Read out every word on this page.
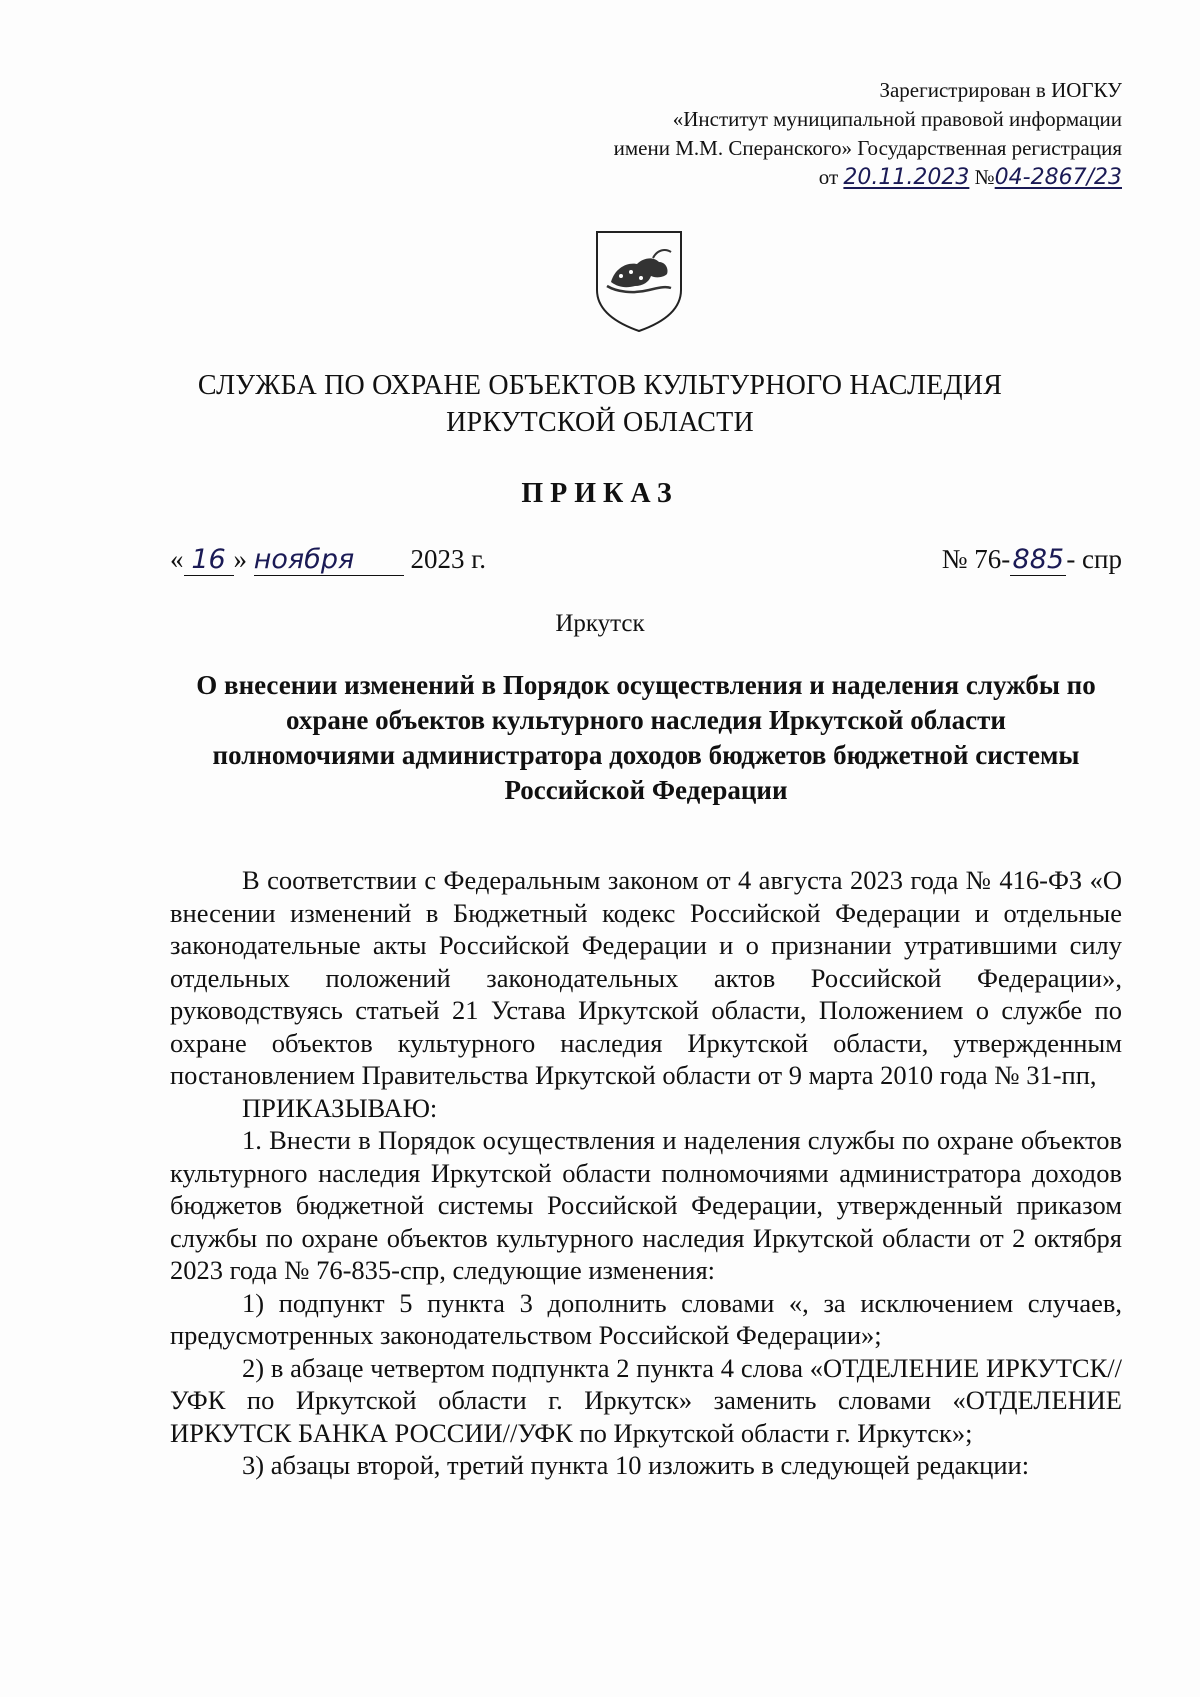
Зарегистрирован в ИОГКУ
«Институт муниципальной правовой информации
имени М.М. Сперанского» Государственная регистрация
от 20.11.2023 №04-2867/23
СЛУЖБА ПО ОХРАНЕ ОБЪЕКТОВ КУЛЬТУРНОГО НАСЛЕДИЯ
ИРКУТСКОЙ ОБЛАСТИ
ПРИКАЗ
« 16 » ноября 2023 г.	№ 76-885- спр
Иркутск
О внесении изменений в Порядок осуществления и наделения службы по
охране объектов культурного наследия Иркутской области
полномочиями администратора доходов бюджетов бюджетной системы
Российской Федерации

В соответствии с Федеральным законом от 4 августа 2023 года № 416-ФЗ «О внесении изменений в Бюджетный кодекс Российской Федерации и отдельные законодательные акты Российской Федерации и о признании утратившими силу отдельных положений законодательных актов Российской Федерации», руководствуясь статьей 21 Устава Иркутской области, Положением о службе по охране объектов культурного наследия Иркутской области, утвержденным постановлением Правительства Иркутской области от 9 марта 2010 года № 31-пп,

ПРИКАЗЫВАЮ:

1. Внести в Порядок осуществления и наделения службы по охране объектов культурного наследия Иркутской области полномочиями администратора доходов бюджетов бюджетной системы Российской Федерации, утвержденный приказом службы по охране объектов культурного наследия Иркутской области от 2 октября 2023 года № 76-835-спр, следующие изменения:

1) подпункт 5 пункта 3 дополнить словами «, за исключением случаев, предусмотренных законодательством Российской Федерации»;

2) в абзаце четвертом подпункта 2 пункта 4 слова «ОТДЕЛЕНИЕ ИРКУТСК//УФК по Иркутской области г. Иркутск» заменить словами «ОТДЕЛЕНИЕ ИРКУТСК БАНКА РОССИИ//УФК по Иркутской области г. Иркутск»;

3) абзацы второй, третий пункта 10 изложить в следующей редакции:
